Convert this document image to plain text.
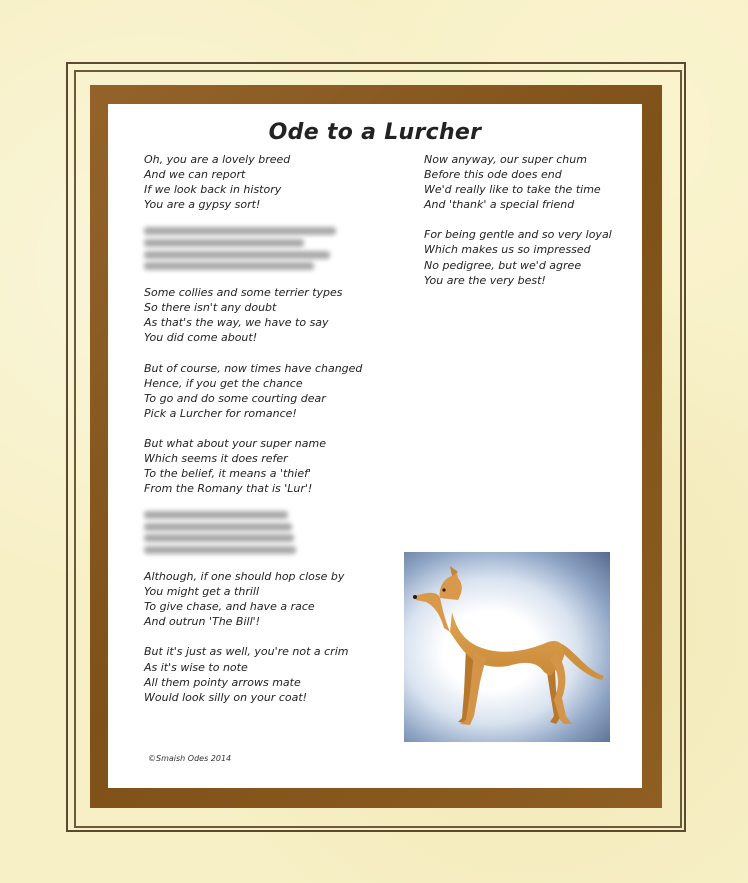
Ode to a Lurcher
Oh, you are a lovely breed
And we can report
If we look back in history
You are a gypsy sort!
Some collies and some terrier types
So there isn't any doubt
As that's the way, we have to say
You did come about!
But of course, now times have changed
Hence, if you get the chance
To go and do some courting dear
Pick a Lurcher for romance!
But what about your super name
Which seems it does refer
To the belief, it means a 'thief'
From the Romany that is 'Lur'!
Although, if one should hop close by
You might get a thrill
To give chase, and have a race
And outrun 'The Bill'!
But it's just as well, you're not a crim
As it's wise to note
All them pointy arrows mate
Would look silly on your coat!
Now anyway, our super chum
Before this ode does end
We'd really like to take the time
And 'thank' a special friend
For being gentle and so very loyal
Which makes us so impressed
No pedigree, but we'd agree
You are the very best!
©Smaish Odes 2014
